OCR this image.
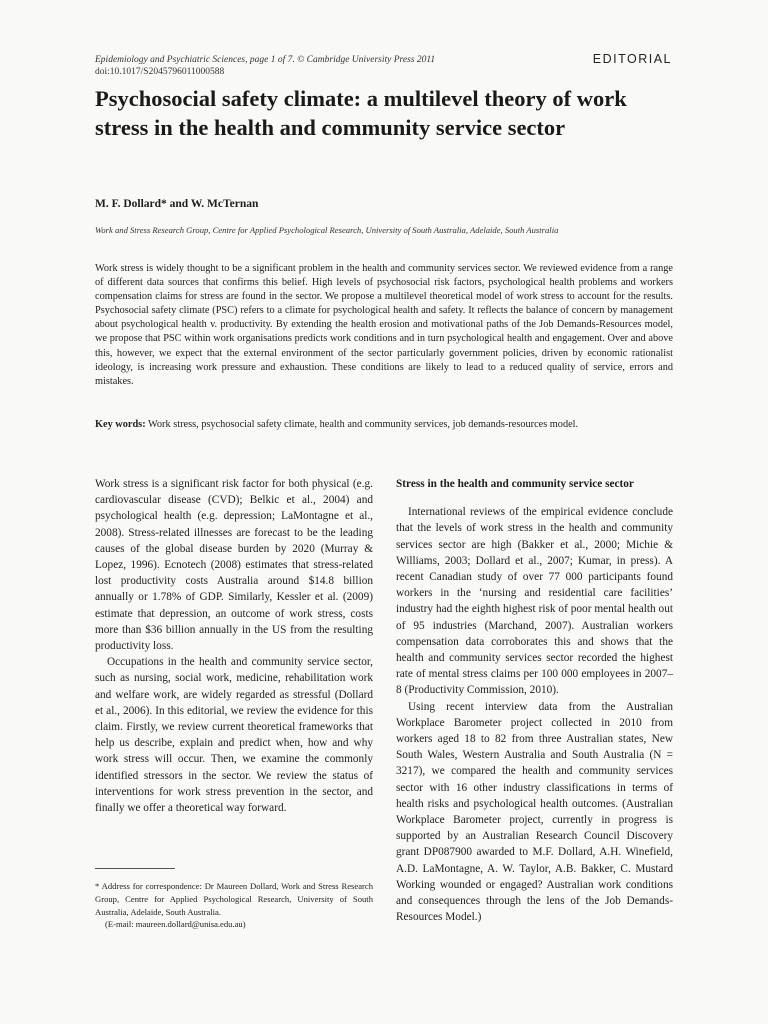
Epidemiology and Psychiatric Sciences, page 1 of 7. © Cambridge University Press 2011
doi:10.1017/S2045796011000588
EDITORIAL
Psychosocial safety climate: a multilevel theory of work stress in the health and community service sector
M. F. Dollard* and W. McTernan
Work and Stress Research Group, Centre for Applied Psychological Research, University of South Australia, Adelaide, South Australia
Work stress is widely thought to be a significant problem in the health and community services sector. We reviewed evidence from a range of different data sources that confirms this belief. High levels of psychosocial risk factors, psychological health problems and workers compensation claims for stress are found in the sector. We propose a multilevel theoretical model of work stress to account for the results. Psychosocial safety climate (PSC) refers to a climate for psychological health and safety. It reflects the balance of concern by management about psychological health v. productivity. By extending the health erosion and motivational paths of the Job Demands-Resources model, we propose that PSC within work organisations predicts work conditions and in turn psychological health and engagement. Over and above this, however, we expect that the external environment of the sector particularly government policies, driven by economic rationalist ideology, is increasing work pressure and exhaustion. These conditions are likely to lead to a reduced quality of service, errors and mistakes.
Key words: Work stress, psychosocial safety climate, health and community services, job demands-resources model.

Work stress is a significant risk factor for both physical (e.g. cardiovascular disease (CVD); Belkic et al., 2004) and psychological health (e.g. depression; LaMontagne et al., 2008). Stress-related illnesses are forecast to be the leading causes of the global disease burden by 2020 (Murray & Lopez, 1996). Ecnotech (2008) estimates that stress-related lost productivity costs Australia around $14.8 billion annually or 1.78% of GDP. Similarly, Kessler et al. (2009) estimate that depression, an outcome of work stress, costs more than $36 billion annually in the US from the resulting productivity loss.

Occupations in the health and community service sector, such as nursing, social work, medicine, rehabilitation work and welfare work, are widely regarded as stressful (Dollard et al., 2006). In this editorial, we review the evidence for this claim. Firstly, we review current theoretical frameworks that help us describe, explain and predict when, how and why work stress will occur. Then, we examine the commonly identified stressors in the sector. We review the status of interventions for work stress prevention in the sector, and finally we offer a theoretical way forward.

Stress in the health and community service sector

International reviews of the empirical evidence conclude that the levels of work stress in the health and community services sector are high (Bakker et al., 2000; Michie & Williams, 2003; Dollard et al., 2007; Kumar, in press). A recent Canadian study of over 77 000 participants found workers in the ‘nursing and residential care facilities’ industry had the eighth highest risk of poor mental health out of 95 industries (Marchand, 2007). Australian workers compensation data corroborates this and shows that the health and community services sector recorded the highest rate of mental stress claims per 100 000 employees in 2007–8 (Productivity Commission, 2010).

Using recent interview data from the Australian Workplace Barometer project collected in 2010 from workers aged 18 to 82 from three Australian states, New South Wales, Western Australia and South Australia (N = 3217), we compared the health and community services sector with 16 other industry classifications in terms of health risks and psychological health outcomes. (Australian Workplace Barometer project, currently in progress is supported by an Australian Research Council Discovery grant DP087900 awarded to M.F. Dollard, A.H. Winefield, A.D. LaMontagne, A. W. Taylor, A.B. Bakker, C. Mustard Working wounded or engaged? Australian work conditions and consequences through the lens of the Job Demands-Resources Model.)

* Address for correspondence: Dr Maureen Dollard, Work and Stress Research Group, Centre for Applied Psychological Research, University of South Australia, Adelaide, South Australia.
(E-mail: maureen.dollard@unisa.edu.au)
